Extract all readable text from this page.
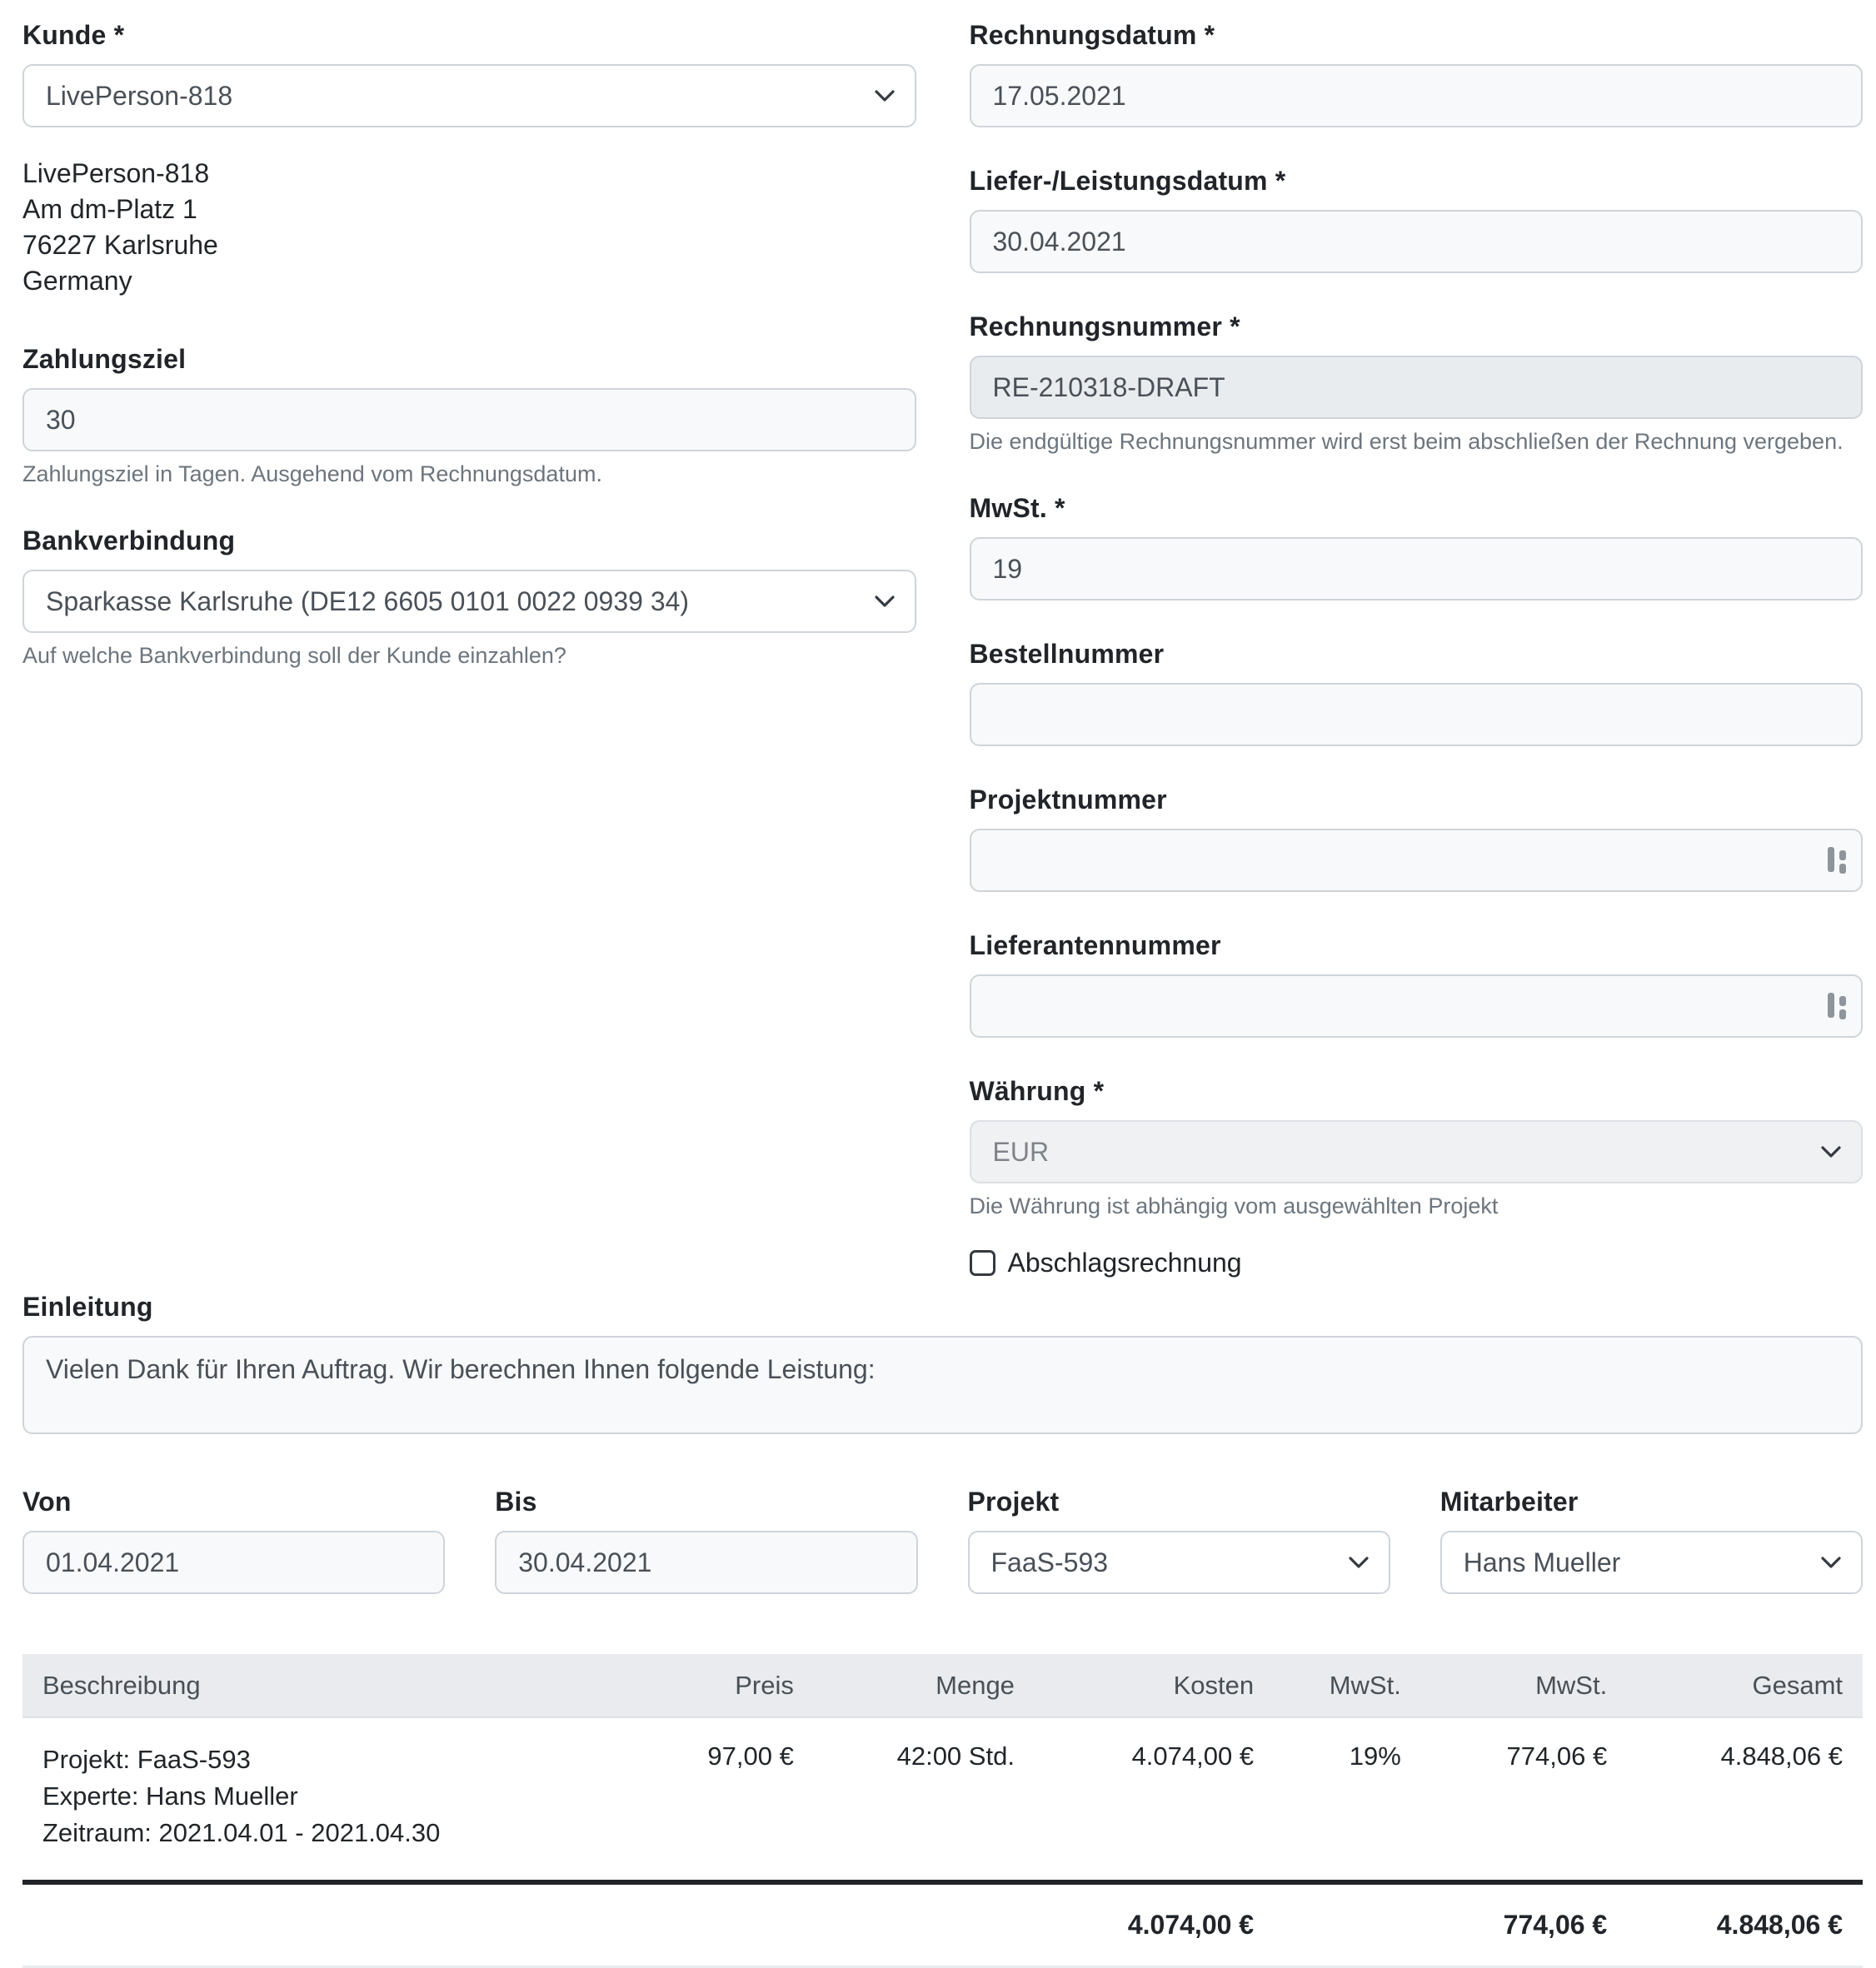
Kunde *
LivePerson-818
LivePerson-818
Am dm-Platz 1
76227 Karlsruhe
Germany
Zahlungsziel
30
Zahlungsziel in Tagen. Ausgehend vom Rechnungsdatum.
Bankverbindung
Sparkasse Karlsruhe (DE12 6605 0101 0022 0939 34)
Auf welche Bankverbindung soll der Kunde einzahlen?
Rechnungsdatum *
17.05.2021
Liefer-/Leistungsdatum *
30.04.2021
Rechnungsnummer *
RE-210318-DRAFT
Die endgültige Rechnungsnummer wird erst beim abschließen der Rechnung vergeben.
MwSt. *
19
Bestellnummer
Projektnummer
Lieferantennummer
Währung *
EUR
Die Währung ist abhängig vom ausgewählten Projekt
Abschlagsrechnung
Einleitung
Vielen Dank für Ihren Auftrag. Wir berechnen Ihnen folgende Leistung:
Von
01.04.2021	Bis
30.04.2021	Projekt
FaaS-593	Mitarbeiter
Hans Mueller
Beschreibung	Preis	Menge	Kosten	MwSt.	MwSt.	Gesamt

Projekt: FaaS-593
Experte: Hans Mueller
Zeitraum: 2021.04.01 - 2021.04.30	97,00 €	42:00 Std.	4.074,00 €	19%	774,06 €	4.848,06 €
			4.074,00 €		774,06 €	4.848,06 €
